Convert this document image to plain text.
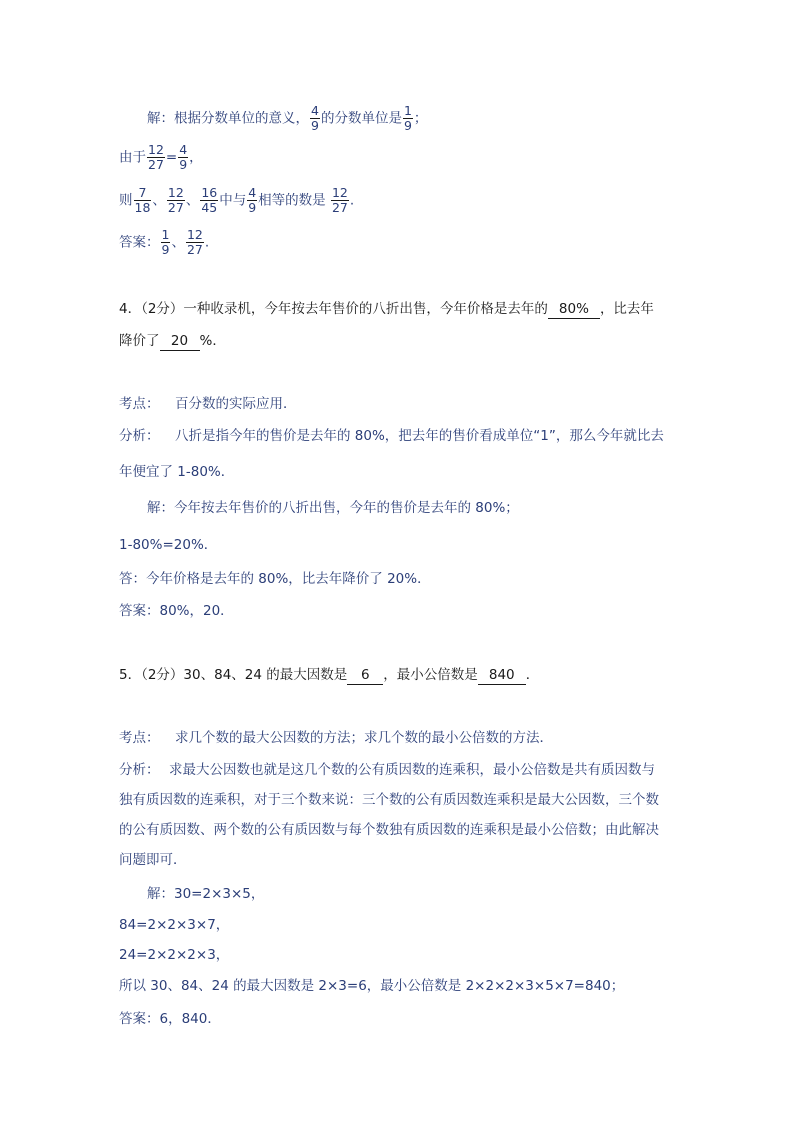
解：根据分数单位的意义， $\frac{4}{9}$ 的分数单位是 $\frac{1}{9}$ ；
由于 $\frac{12}{27} = \frac{4}{9}$ ，
则 $\frac{7}{18}$ 、 $\frac{12}{27}$ 、 $\frac{16}{45}$ 中与 $\frac{4}{9}$ 相等的数是 $\frac{12}{27}$ .
答案： $\frac{1}{9}$ 、 $\frac{12}{27}$ .
4．（2分）一种收录机，今年按去年售价的八折出售，今年价格是去年的 80% ，比去年
降价了 20 %．
考点： 百分数的实际应用．
分析： 八折是指今年的售价是去年的 80%，把去年的售价看成单位“1”，那么今年就比去
年便宜了 1-80%．
解：今年按去年售价的八折出售，今年的售价是去年的 80%；
1-80%=20%．
答：今年价格是去年的 80%，比去年降价了 20%．
答案：80%，20．
5．（2分）30、84、24 的最大因数是 6 ，最小公倍数是 840 ．
考点： 求几个数的最大公因数的方法；求几个数的最小公倍数的方法．
分析： 求最大公因数也就是这几个数的公有质因数的连乘积，最小公倍数是共有质因数与
独有质因数的连乘积，对于三个数来说：三个数的公有质因数连乘积是最大公因数，三个数
的公有质因数、两个数的公有质因数与每个数独有质因数的连乘积是最小公倍数；由此解决
问题即可．
解：30=2×3×5，
84=2×2×3×7，
24=2×2×2×3，
所以 30、84、24 的最大因数是 2×3=6，最小公倍数是 2×2×2×3×5×7=840；
答案：6，840．
